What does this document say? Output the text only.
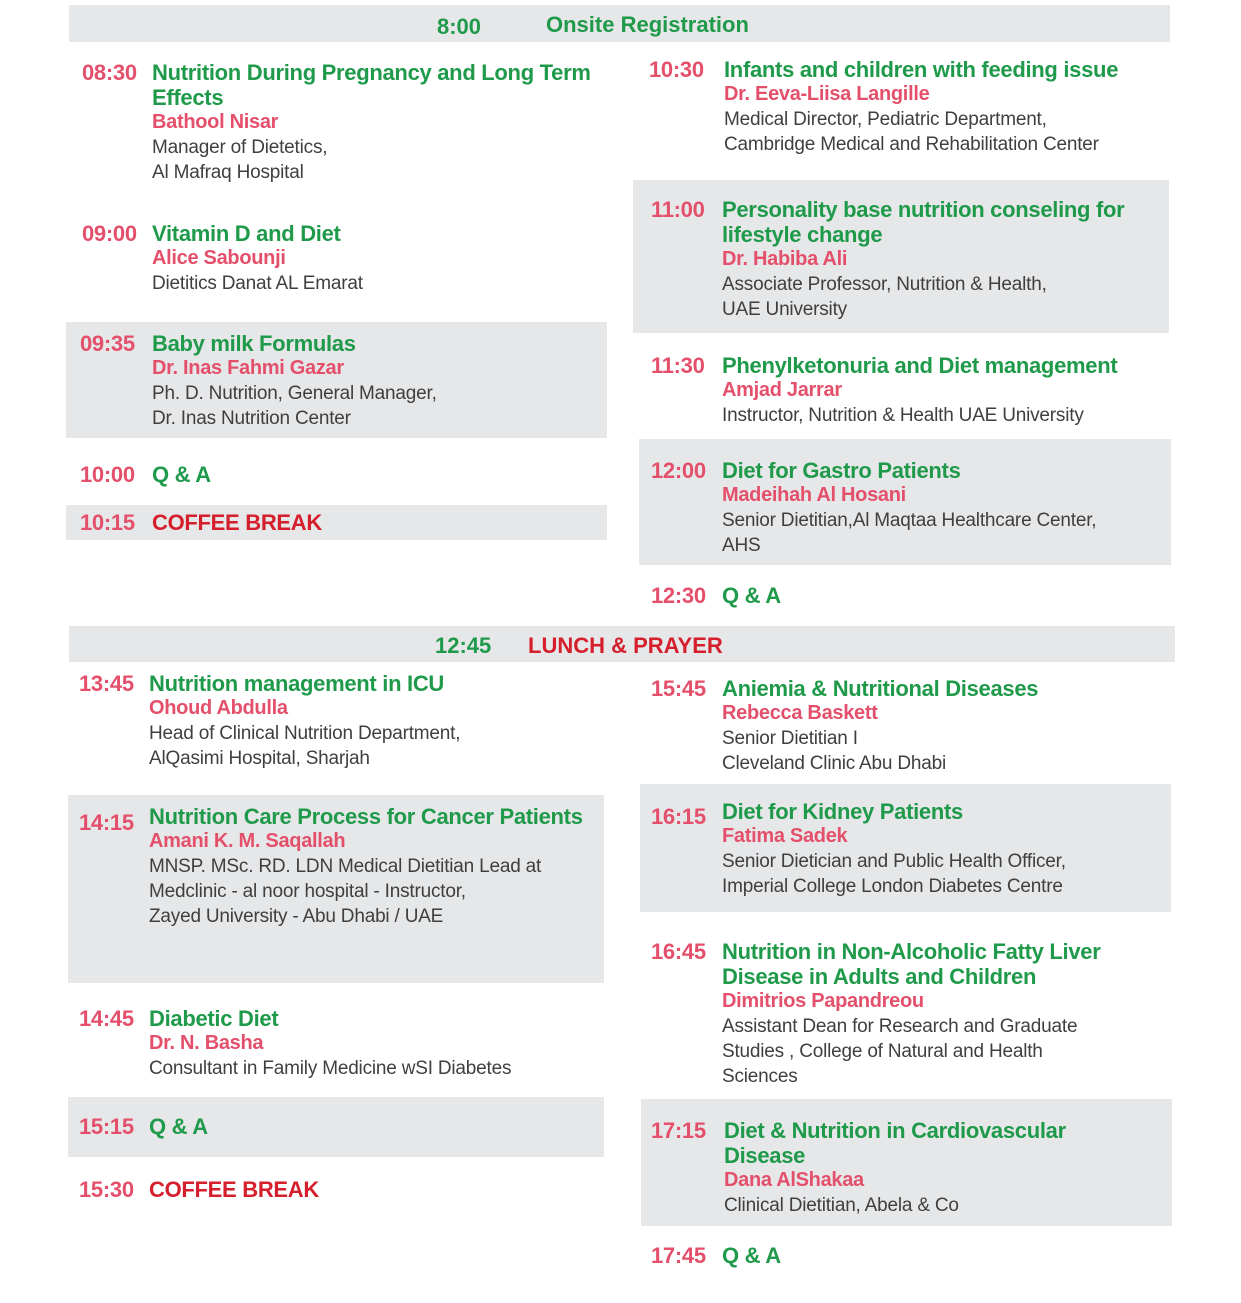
8:00	Onsite Registration
12:45 LUNCH & PRAYER
08:30 Nutrition During Pregnancy and Long Term
Effects
Bathool Nisar
Manager of Dietetics,
Al Mafraq Hospital
09:00 Vitamin D and Diet
Alice Sabounji
Dietitics Danat AL Emarat
09:35 Baby milk Formulas
Dr. Inas Fahmi Gazar
Ph. D. Nutrition, General Manager,
Dr. Inas Nutrition Center
10:00 Q & A
10:15 COFFEE BREAK
10:30 Infants and children with feeding issue
Dr. Eeva-Liisa Langille
Medical Director, Pediatric Department,
Cambridge Medical and Rehabilitation Center
11:00 Personality base nutrition conseling for
lifestyle change
Dr. Habiba Ali
Associate Professor, Nutrition & Health,
UAE University
11:30 Phenylketonuria and Diet management
Amjad Jarrar
Instructor, Nutrition & Health UAE University
12:00 Diet for Gastro Patients
Madeihah Al Hosani
Senior Dietitian,Al Maqtaa Healthcare Center,
AHS
12:30 Q & A
13:45 Nutrition management in ICU
Ohoud Abdulla
Head of Clinical Nutrition Department,
AlQasimi Hospital, Sharjah
14:15 Nutrition Care Process for Cancer Patients
Amani K. M. Saqallah
MNSP. MSc. RD. LDN Medical Dietitian Lead at
Medclinic - al noor hospital - Instructor,
Zayed University - Abu Dhabi / UAE
14:45 Diabetic Diet
Dr. N. Basha
Consultant in Family Medicine wSI Diabetes
15:15 Q & A
15:30 COFFEE BREAK
15:45 Aniemia & Nutritional Diseases
Rebecca Baskett
Senior Dietitian I
Cleveland Clinic Abu Dhabi
16:15 Diet for Kidney Patients
Fatima Sadek
Senior Dietician and Public Health Officer,
Imperial College London Diabetes Centre
16:45 Nutrition in Non-Alcoholic Fatty Liver
Disease in Adults and Children
Dimitrios Papandreou
Assistant Dean for Research and Graduate
Studies , College of Natural and Health
Sciences
17:15 Diet & Nutrition in Cardiovascular
Disease
Dana AlShakaa
Clinical Dietitian, Abela & Co
17:45 Q & A
